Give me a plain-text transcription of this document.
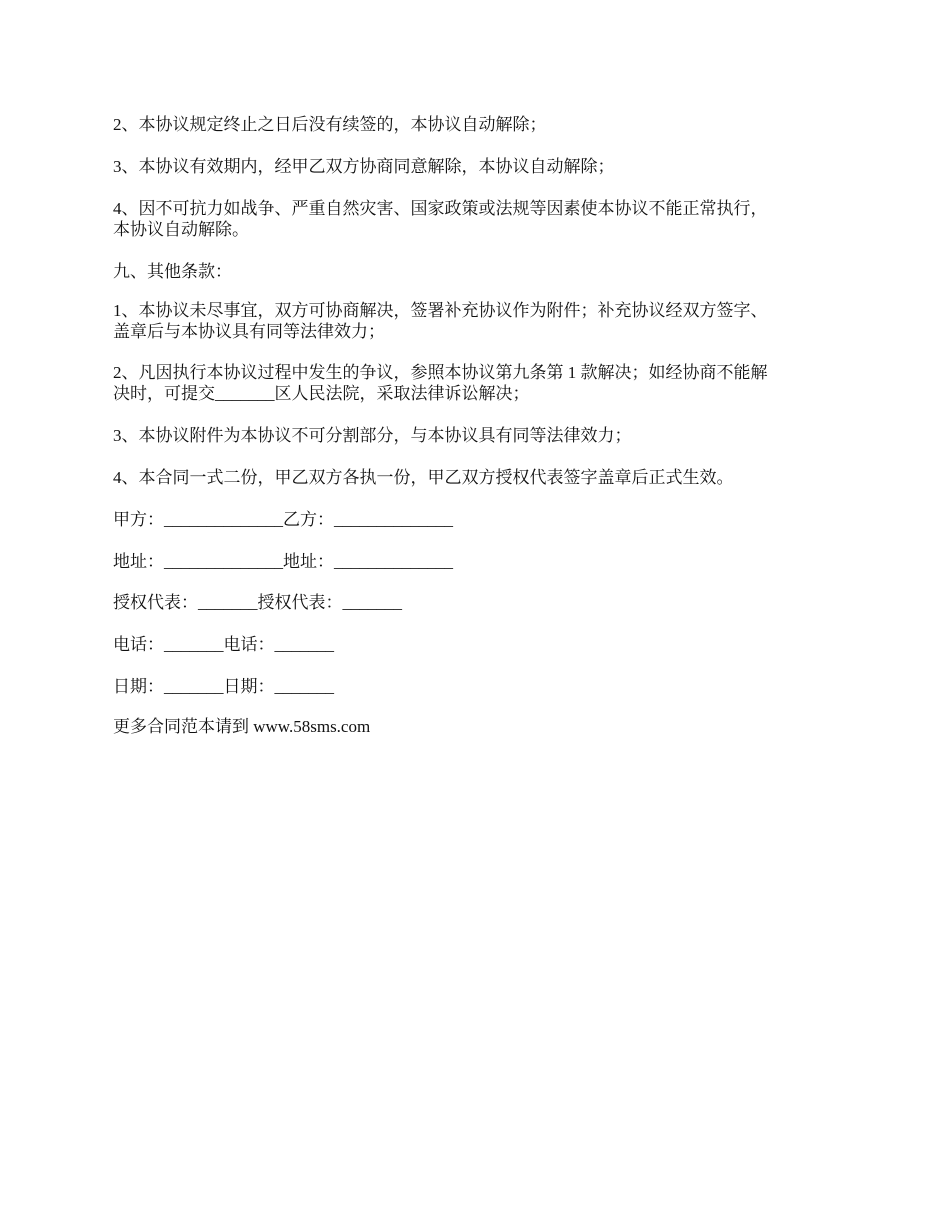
2、本协议规定终止之日后没有续签的，本协议自动解除；

3、本协议有效期内，经甲乙双方协商同意解除，本协议自动解除；

4、因不可抗力如战争、严重自然灾害、国家政策或法规等因素使本协议不能正常执行，
本协议自动解除。

九、其他条款：

1、本协议未尽事宜，双方可协商解决，签署补充协议作为附件；补充协议经双方签字、
盖章后与本协议具有同等法律效力；

2、凡因执行本协议过程中发生的争议，参照本协议第九条第 1 款解决；如经协商不能解
决时，可提交_______区人民法院，采取法律诉讼解决；

3、本协议附件为本协议不可分割部分，与本协议具有同等法律效力；

4、本合同一式二份，甲乙双方各执一份，甲乙双方授权代表签字盖章后正式生效。

甲方：______________乙方：______________

地址：______________地址：______________

授权代表：_______授权代表：_______

电话：_______电话：_______

日期：_______日期：_______

更多合同范本请到 www.58sms.com
